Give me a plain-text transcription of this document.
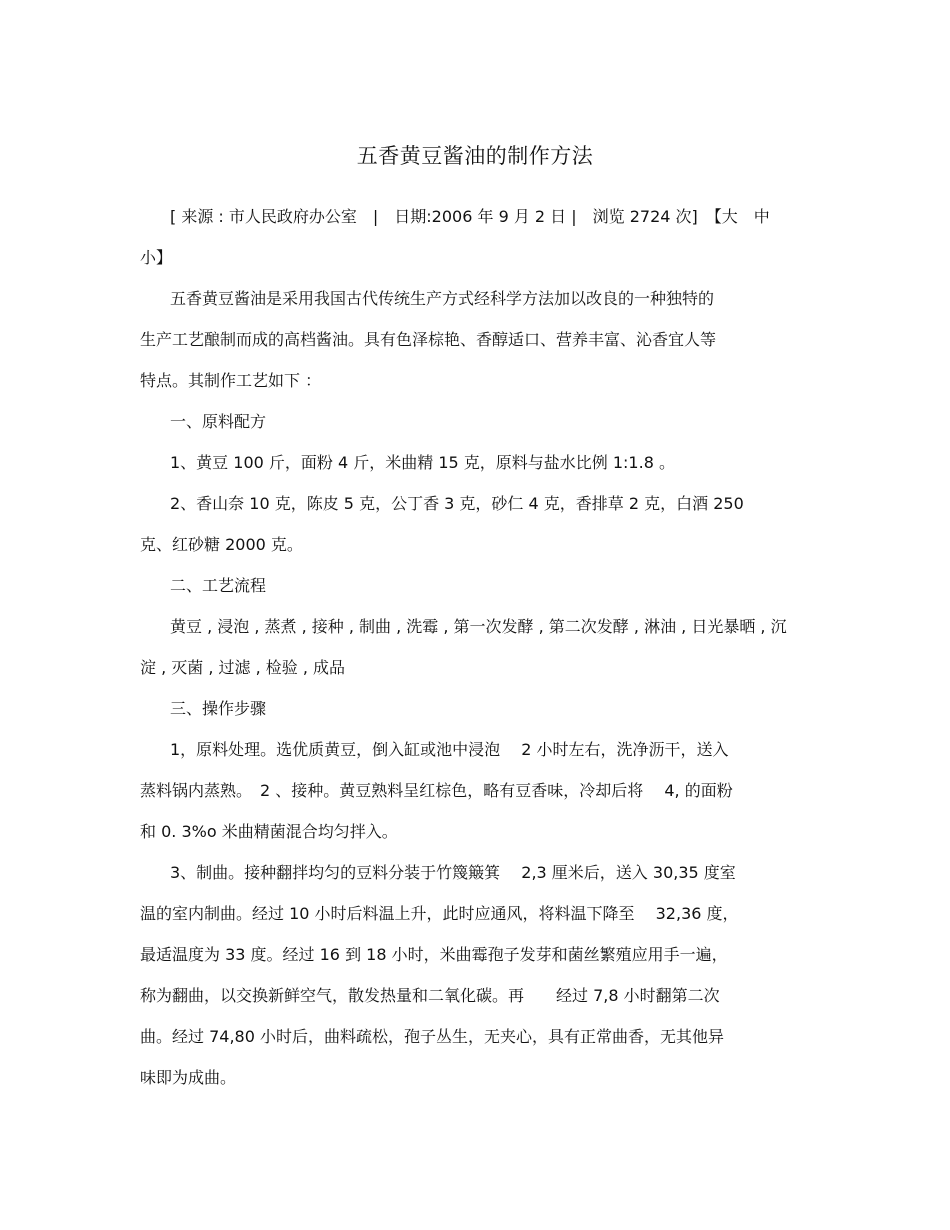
五香黄豆酱油的制作方法
[ 来源 : 市人民政府办公室　|　日期:2006 年 9 月 2 日 |　浏览 2724 次]　【大　中
小】
五香黄豆酱油是采用我国古代传统生产方式经科学方法加以改良的一种独特的
生产工艺酿制而成的高档酱油。具有色泽棕艳、香醇适口、营养丰富、沁香宜人等
特点。其制作工艺如下 ：
一、原料配方
1、黄豆 100 斤，面粉 4 斤，米曲精 15 克，原料与盐水比例 1:1.8 。
2、香山奈 10 克，陈皮 5 克，公丁香 3 克，砂仁 4 克，香排草 2 克，白酒 250
克、红砂糖 2000 克。
二、工艺流程
黄豆 , 浸泡 , 蒸煮 , 接种 , 制曲 , 洗霉 , 第一次发酵 , 第二次发酵 , 淋油 , 日光暴晒 , 沉
淀 , 灭菌 , 过滤 , 检验 , 成品
三、操作步骤
1，原料处理。选优质黄豆，倒入缸或池中浸泡　 2 小时左右，洗净沥干，送入
蒸料锅内蒸熟。　2 、接种。黄豆熟料呈红棕色，略有豆香味，冷却后将　 4, 的面粉
和 0. 3%o 米曲精菌混合均匀拌入。
3、制曲。接种翻拌均匀的豆料分装于竹篾簸箕　 2,3 厘米后，送入 30,35 度室
温的室内制曲。经过 10 小时后料温上升，此时应通风，将料温下降至　 32,36 度，
最适温度为 33 度。经过 16 到 18 小时，米曲霉孢子发芽和菌丝繁殖应用手一遍，
称为翻曲，以交换新鲜空气，散发热量和二氧化碳。再　　经过 7,8 小时翻第二次
曲。经过 74,80 小时后，曲料疏松，孢子丛生，无夹心，具有正常曲香，无其他异
味即为成曲。
